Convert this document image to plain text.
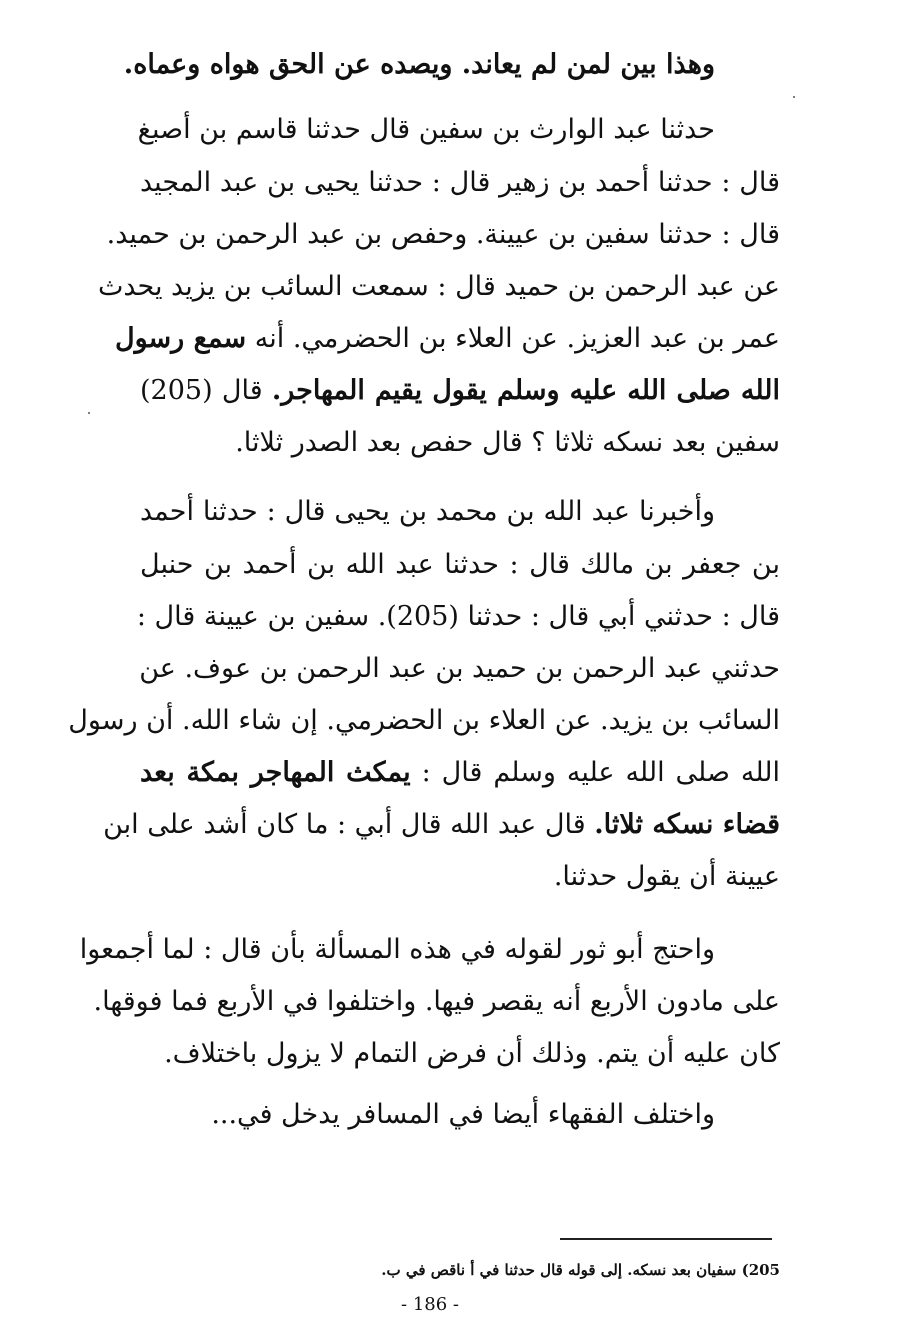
وهذا بين لمن لم يعاند. ويصده عن الحق هواه وعماه.
حدثنا عبد الوارث بن سفين قال حدثنا قاسم بن أصبغ
قال : حدثنا أحمد بن زهير قال : حدثنا يحيى بن عبد المجيد
قال : حدثنا سفين بن عيينة. وحفص بن عبد الرحمن بن حميد.
عن عبد الرحمن بن حميد قال : سمعت السائب بن يزيد يحدث
عمر بن عبد العزيز. عن العلاء بن الحضرمي. أنه سمع رسول
الله صلى الله عليه وسلم يقول يقيم المهاجر. قال (205)
سفين بعد نسكه ثلاثا ؟ قال حفص بعد الصدر ثلاثا.
وأخبرنا عبد الله بن محمد بن يحيى قال : حدثنا أحمد
بن جعفر بن مالك قال : حدثنا عبد الله بن أحمد بن حنبل
قال : حدثني أبي قال : حدثنا (205). سفين بن عيينة قال :
حدثني عبد الرحمن بن حميد بن عبد الرحمن بن عوف. عن
السائب بن يزيد. عن العلاء بن الحضرمي. إن شاء الله. أن رسول
الله صلى الله عليه وسلم قال : يمكث المهاجر بمكة بعد
قضاء نسكه ثلاثا. قال عبد الله قال أبي : ما كان أشد على ابن
عيينة أن يقول حدثنا.
واحتج أبو ثور لقوله في هذه المسألة بأن قال : لما أجمعوا
على مادون الأربع أنه يقصر فيها. واختلفوا في الأربع فما فوقها.
كان عليه أن يتم. وذلك أن فرض التمام لا يزول باختلاف.
واختلف الفقهاء أيضا في المسافر يدخل في...
205) سفيان بعد نسكه. إلى قوله قال حدثنا في أ ناقص في ب.
- 186 -
